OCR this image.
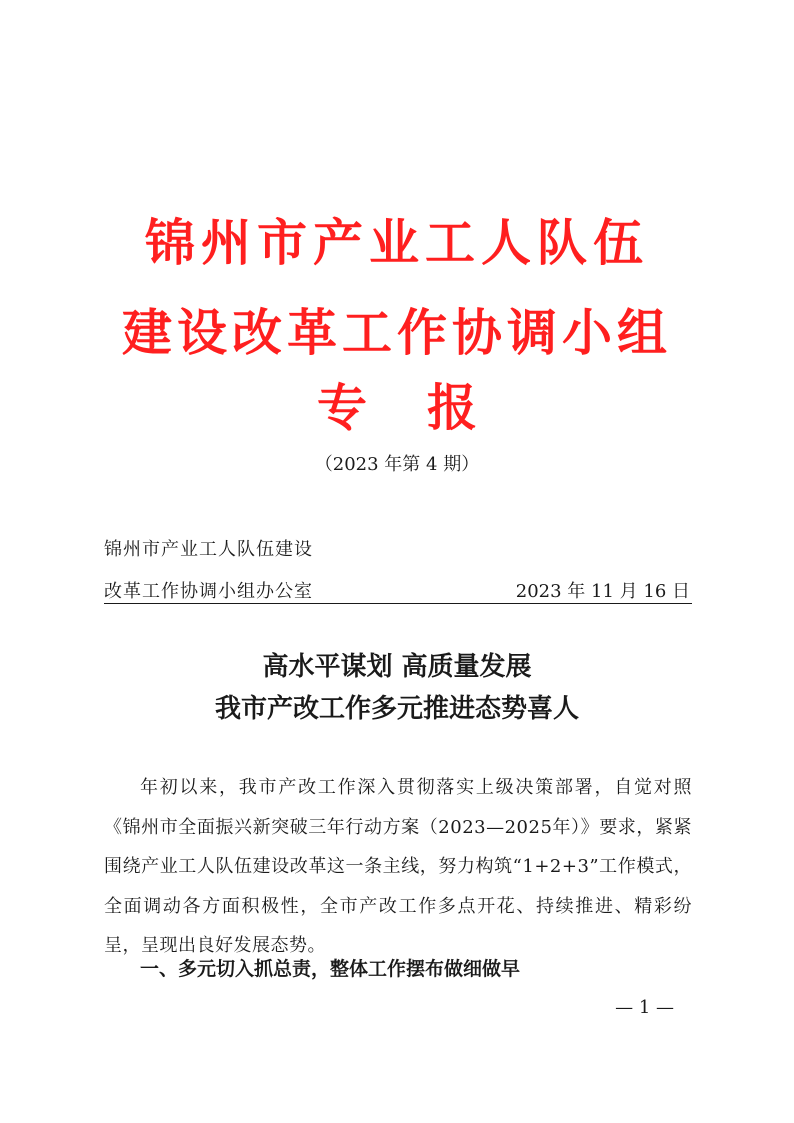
锦州市产业工人队伍
建设改革工作协调小组
专报
（2023 年第 4 期）
锦州市产业工人队伍建设
改革工作协调小组办公室	2023 年 11 月 16 日
高水平谋划 高质量发展
我市产改工作多元推进态势喜人

年初以来，我市产改工作深入贯彻落实上级决策部署，自觉对照《锦州市全面振兴新突破三年行动方案（2023—2025年）》要求，紧紧围绕产业工人队伍建设改革这一条主线，努力构筑“1+2+3”工作模式，全面调动各方面积极性，全市产改工作多点开花、持续推进、精彩纷呈，呈现出良好发展态势。

一、多元切入抓总责，整体工作摆布做细做早
— 1 —
